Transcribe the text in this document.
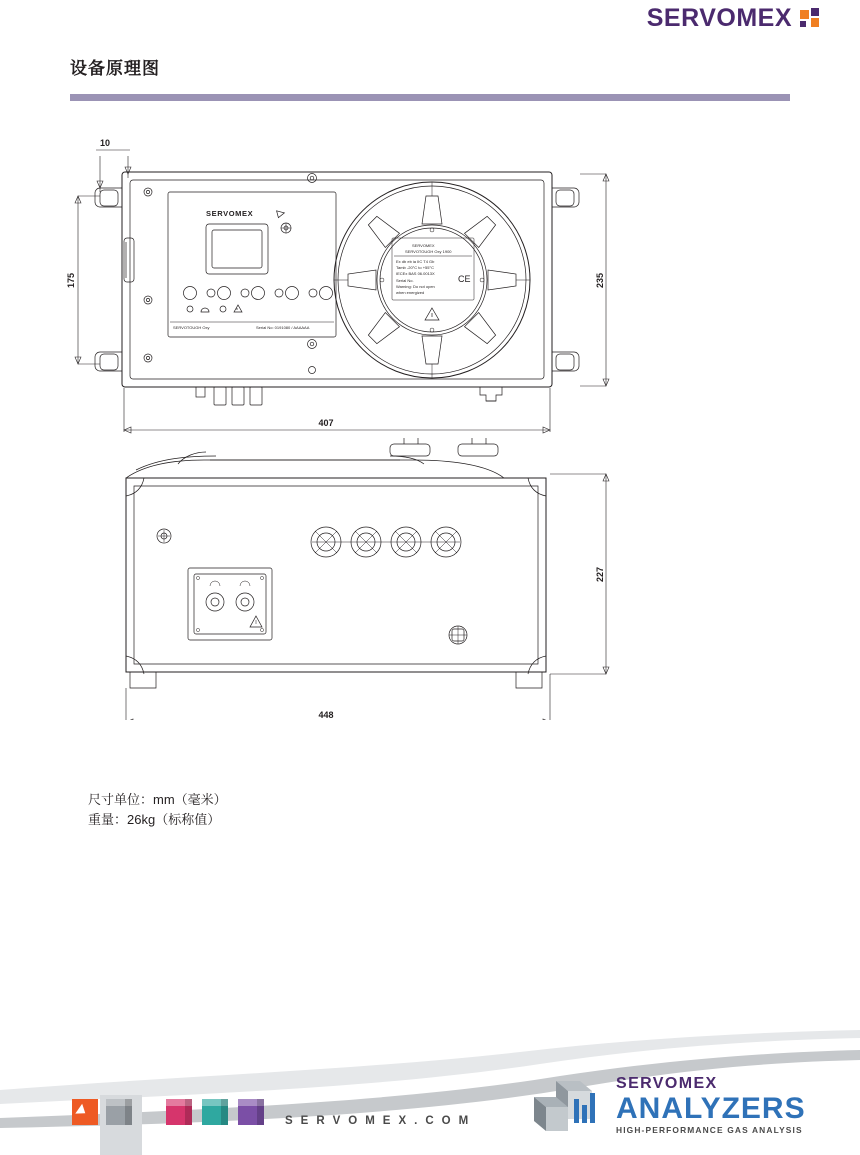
SERVOMEX
设备原理图
SERVOMEX
SERVOTOUGH Oxy	Serial No: 0191080 / AAAAAA
SERVOMEX
SERVOTOUGH Oxy 1900
Ex db eb ia IIC T4 Gb
Tamb -20°C to +55°C
IECEx BAS 06.0013X
Serial No.
Warning: Do not open
when energized
CE
10
175	235
407
227
448
尺寸单位：mm（毫米）
重量：26kg（标称值）
S E R V O M E X . C O M
SERVOMEX
ANALYZERS
HIGH-PERFORMANCE GAS ANALYSIS
